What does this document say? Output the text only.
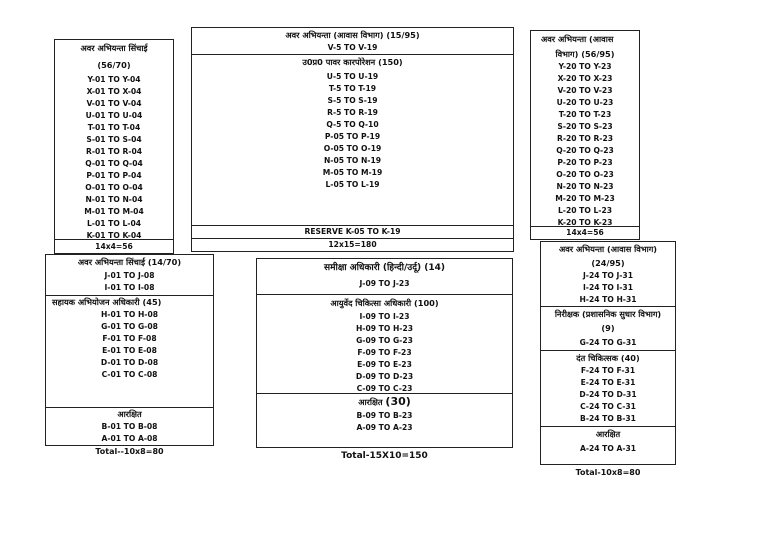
अवर अभियन्ता सिंचाई
(56/70)
Y-01 TO Y-04
X-01 TO X-04
V-01 TO V-04
U-01 TO U-04
T-01 TO T-04
S-01 TO S-04
R-01 TO R-04
Q-01 TO Q-04
P-01 TO P-04
O-01 TO O-04
N-01 TO N-04
M-01 TO M-04
L-01 TO L-04
K-01 TO K-04
14x4=56
अवर अभियन्ता (आवास विभाग) (15/95)
V-5 TO V-19
उ0प्र0 पावर कारपोरेशन (150)
U-5 TO U-19
T-5 TO T-19
S-5 TO S-19
R-5 TO R-19
Q-5 TO Q-10
P-05 TO P-19
O-05 TO O-19
N-05 TO N-19
M-05 TO M-19
L-05 TO L-19
RESERVE K-05 TO K-19
12x15=180
अवर अभियन्ता (आवास
विभाग) (56/95)
Y-20 TO Y-23
X-20 TO X-23
V-20 TO V-23
U-20 TO U-23
T-20 TO T-23
S-20 TO S-23
R-20 TO R-23
Q-20 TO Q-23
P-20 TO P-23
O-20 TO O-23
N-20 TO N-23
M-20 TO M-23
L-20 TO L-23
K-20 TO K-23
14x4=56
अवर अभियन्ता सिंचाई (14/70)
J-01 TO J-08
I-01 TO I-08
सहायक अभियोजन अधिकारी (45)
H-01 TO H-08
G-01 TO G-08
F-01 TO F-08
E-01 TO E-08
D-01 TO D-08
C-01 TO C-08
आरक्षित
B-01 TO B-08
A-01 TO A-08
Total--10x8=80
समीक्षा अधिकारी (हिन्दी/उर्दू) (14)
J-09 TO J-23
आयुर्वेद चिकित्सा अधिकारी (100)
I-09 TO I-23
H-09 TO H-23
G-09 TO G-23
F-09 TO F-23
E-09 TO E-23
D-09 TO D-23
C-09 TO C-23
आरक्षित (30)
B-09 TO B-23
A-09 TO A-23
Total-15X10=150
अवर अभियन्ता (आवास विभाग)
(24/95)
J-24 TO J-31
I-24 TO I-31
H-24 TO H-31
निरीक्षक (प्रशासनिक सुधार विभाग)
(9)
G-24 TO G-31
दंत चिकित्सक (40)
F-24 TO F-31
E-24 TO E-31
D-24 TO D-31
C-24 TO C-31
B-24 TO B-31
आरक्षित
A-24 TO A-31
Total-10x8=80
